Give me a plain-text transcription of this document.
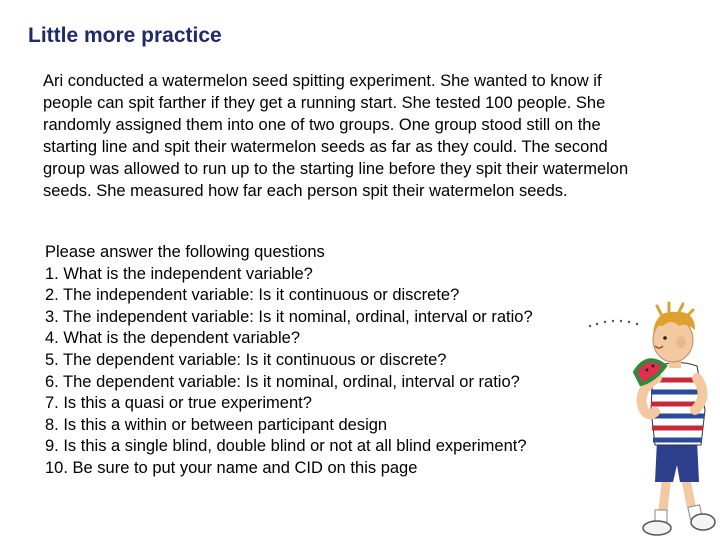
Little more practice
Ari conducted a watermelon seed spitting experiment. She wanted to know if
people can spit farther if they get a running start. She tested 100 people. She
randomly assigned them into one of two groups. One group stood still on the
starting line and spit their watermelon seeds as far as they could. The second
group was allowed to run up to the starting line before they spit their watermelon
seeds. She measured how far each person spit their watermelon seeds.
Please answer the following questions
1. What is the independent variable?
2. The independent variable: Is it continuous or discrete?
3. The independent variable: Is it nominal, ordinal, interval or ratio?
4. What is the dependent variable?
5. The dependent variable: Is it continuous or discrete?
6. The dependent variable: Is it nominal, ordinal, interval or ratio?
7. Is this a quasi or true experiment?
8. Is this a within or between participant design
9. Is this a single blind, double blind or not at all blind experiment?
10. Be sure to put your name and CID on this page
